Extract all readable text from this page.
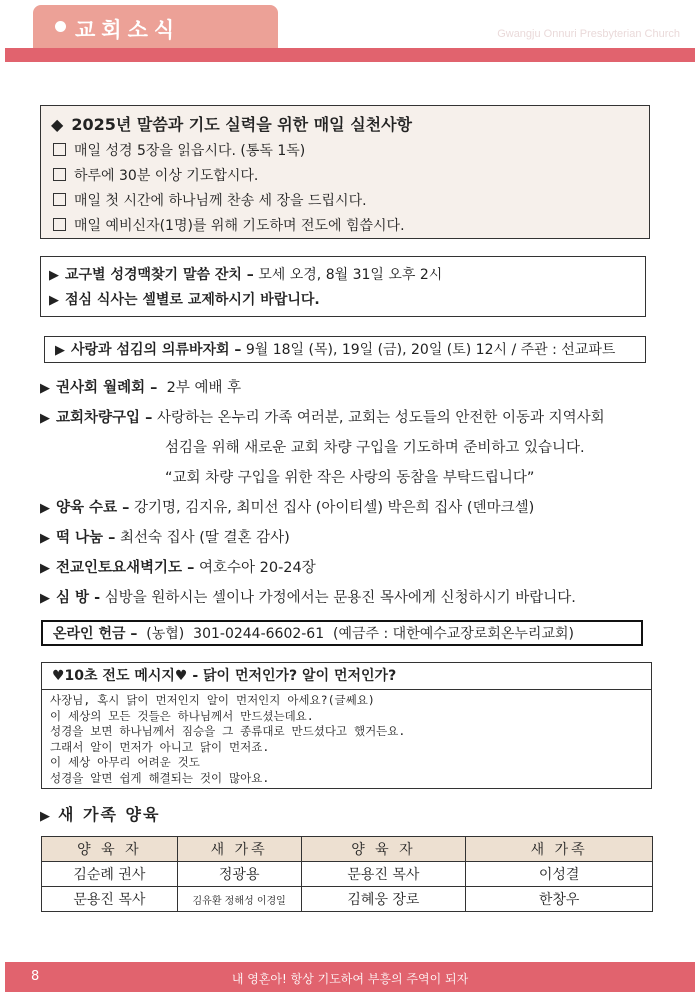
교회소식	Gwangju Onnuri Presbyterian Church
◆ 2025년 말씀과 기도 실력을 위한 매일 실천사항
매일 성경 5장을 읽읍시다. (통독 1독)
하루에 30분 이상 기도합시다.
매일 첫 시간에 하나님께 찬송 세 장을 드립시다.
매일 예비신자(1명)를 위해 기도하며 전도에 힘씁시다.
▶ 교구별 성경맥찾기 말씀 잔치 – 모세 오경, 8월 31일 오후 2시
▶ 점심 식사는 셀별로 교제하시기 바랍니다.
▶ 사랑과 섬김의 의류바자회 – 9월 18일 (목), 19일 (금), 20일 (토) 12시 / 주관 : 선교파트
▶ 권사회 월례회 – 2부 예배 후
▶ 교회차량구입 – 사랑하는 온누리 가족 여러분, 교회는 성도들의 안전한 이동과 지역사회
섬김을 위해 새로운 교회 차량 구입을 기도하며 준비하고 있습니다.
“교회 차량 구입을 위한 작은 사랑의 동참을 부탁드립니다”
▶ 양육 수료 – 강기명, 김지유, 최미선 집사 (아이티셀) 박은희 집사 (덴마크셀)
▶ 떡 나눔 – 최선숙 집사 (딸 결혼 감사)
▶ 전교인토요새벽기도 – 여호수아 20-24장
▶ 심 방 - 심방을 원하시는 셀이나 가정에서는 문용진 목사에게 신청하시기 바랍니다.
온라인 헌금 – (농협) 301-0244-6602-61 (예금주 : 대한예수교장로회온누리교회)
♥10초 전도 메시지♥ - 닭이 먼저인가? 알이 먼저인가?
사장님, 혹시 닭이 먼저인지 알이 먼저인지 아세요?(글쎄요)
이 세상의 모든 것들은 하나님께서 만드셨는데요.
성경을 보면 하나님께서 짐승을 그 종류대로 만드셨다고 했거든요.
그래서 알이 먼저가 아니고 닭이 먼저죠.
이 세상 아무리 어려운 것도
성경을 알면 쉽게 해결되는 것이 많아요.
▶ 새 가족 양육
양 육 자	새 가족	양 육 자	새 가족
김순례 권사	정광용	문용진 목사	이성결
문용진 목사	김유환 정해성 이경일	김혜웅 장로	한창우
8	내 영혼아! 항상 기도하여 부흥의 주역이 되자
